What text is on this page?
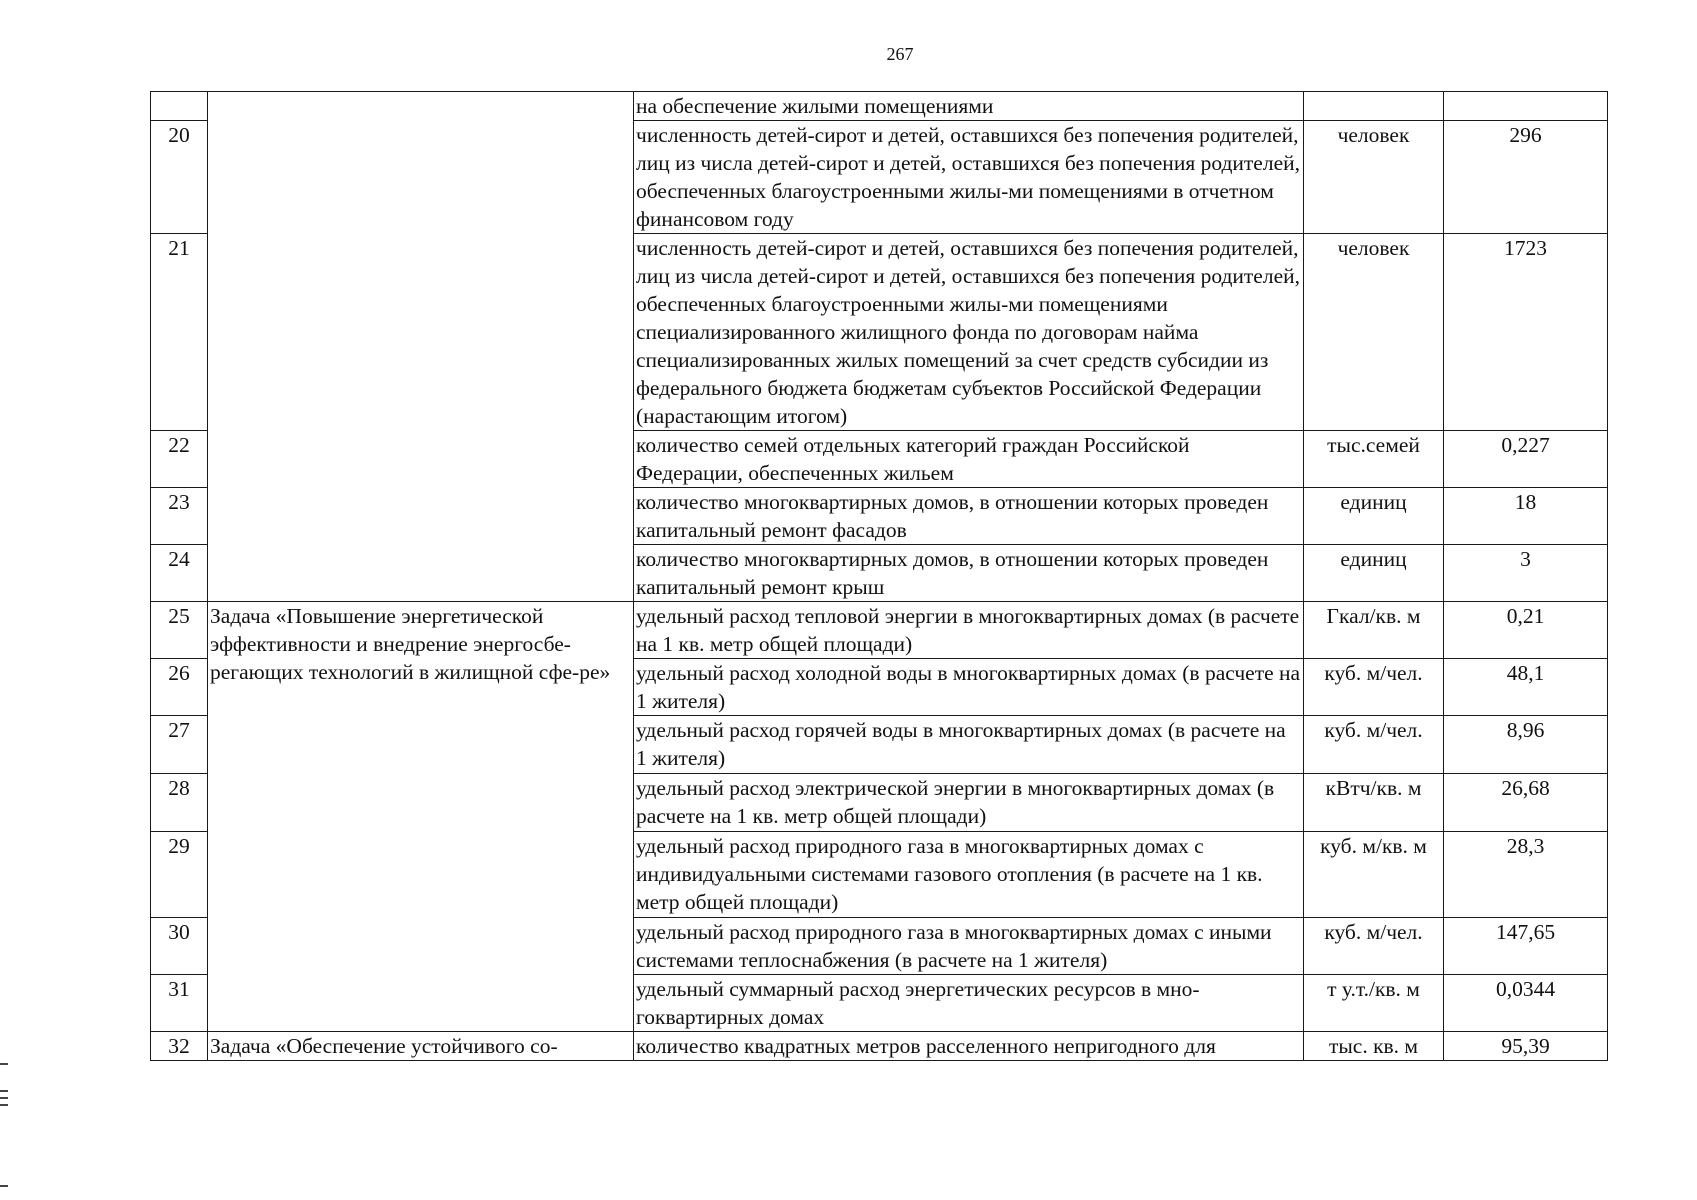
267
		на обеспечение жилыми помещениями		
20		численность детей-сирот и детей, оставшихся без попечения родителей, лиц из числа детей-сирот и детей, оставшихся без попечения родителей, обеспеченных благоустроенными жилы-ми помещениями в отчетном финансовом году	человек	296
21		численность детей-сирот и детей, оставшихся без попечения родителей, лиц из числа детей-сирот и детей, оставшихся без попечения родителей, обеспеченных благоустроенными жилы-ми помещениями специализированного жилищного фонда по договорам найма специализированных жилых помещений за счет средств субсидии из федерального бюджета бюджетам субъектов Российской Федерации (нарастающим итогом)	человек	1723
22		количество семей отдельных категорий граждан Российской Федерации, обеспеченных жильем	тыс.семей	0,227
23		количество многоквартирных домов, в отношении которых проведен капитальный ремонт фасадов	единиц	18
24		количество многоквартирных домов, в отношении которых проведен капитальный ремонт крыш	единиц	3
25	Задача «Повышение энергетической эффективности и внедрение энергосбе-регающих технологий в жилищной сфе-ре»	удельный расход тепловой энергии в многоквартирных домах (в расчете на 1 кв. метр общей площади)	Гкал/кв. м	0,21
26		удельный расход холодной воды в многоквартирных домах (в расчете на 1 жителя)	куб. м/чел.	48,1
27		удельный расход горячей воды в многоквартирных домах (в расчете на 1 жителя)	куб. м/чел.	8,96
28		удельный расход электрической энергии в многоквартирных домах (в расчете на 1 кв. метр общей площади)	кВтч/кв. м	26,68
29		удельный расход природного газа в многоквартирных домах с индивидуальными системами газового отопления (в расчете на 1 кв. метр общей площади)	куб. м/кв. м	28,3
30		удельный расход природного газа в многоквартирных домах с иными системами теплоснабжения (в расчете на 1 жителя)	куб. м/чел.	147,65
31		удельный суммарный расход энергетических ресурсов в мно-гоквартирных домах	т у.т./кв. м	0,0344
32	Задача «Обеспечение устойчивого со-	количество квадратных метров расселенного непригодного для	тыс. кв. м	95,39
